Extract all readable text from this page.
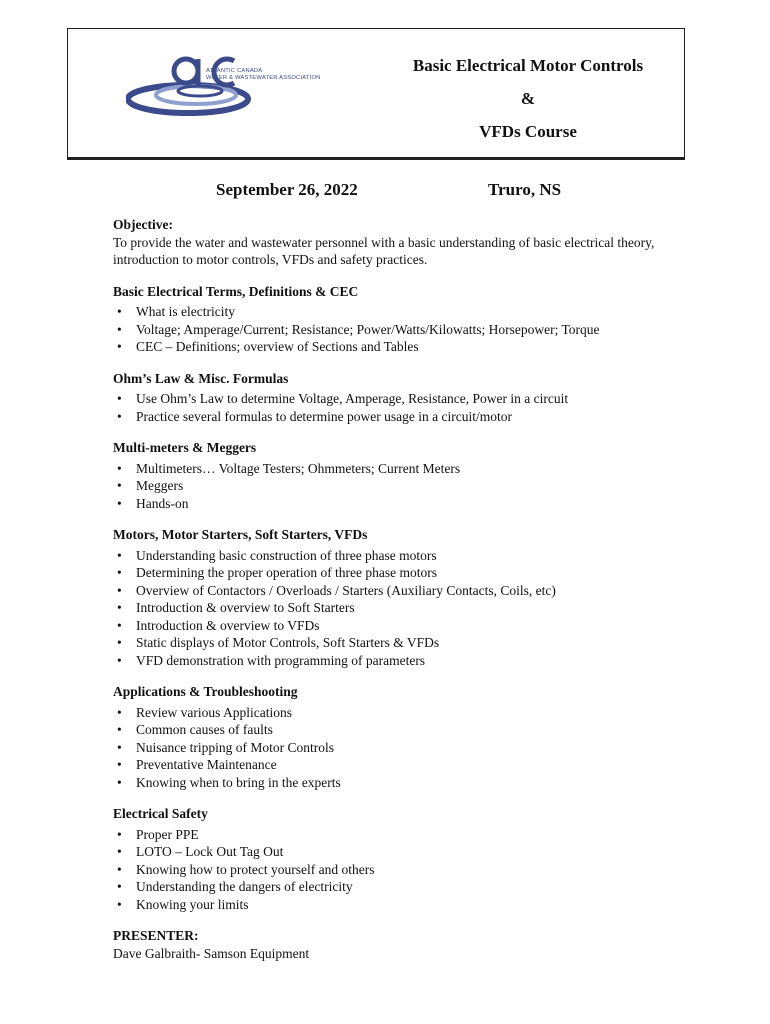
ATLANTIC CANADA
WATER & WASTEWATER ASSOCIATION
Basic Electrical Motor Controls
&
VFDs Course
September 26, 2022	Truro, NS
Objective:

To provide the water and wastewater personnel with a basic understanding of basic electrical theory, introduction to motor controls, VFDs and safety practices.

Basic Electrical Terms, Definitions & CEC
• What is electricity
• Voltage; Amperage/Current; Resistance; Power/Watts/Kilowatts; Horsepower; Torque
• CEC – Definitions; overview of Sections and Tables
Ohm’s Law & Misc. Formulas
• Use Ohm’s Law to determine Voltage, Amperage, Resistance, Power in a circuit
• Practice several formulas to determine power usage in a circuit/motor
Multi-meters & Meggers
• Multimeters… Voltage Testers; Ohmmeters; Current Meters
• Meggers
• Hands-on
Motors, Motor Starters, Soft Starters, VFDs
• Understanding basic construction of three phase motors
• Determining the proper operation of three phase motors
• Overview of Contactors / Overloads / Starters (Auxiliary Contacts, Coils, etc)
• Introduction & overview to Soft Starters
• Introduction & overview to VFDs
• Static displays of Motor Controls, Soft Starters & VFDs
• VFD demonstration with programming of parameters
Applications & Troubleshooting
• Review various Applications
• Common causes of faults
• Nuisance tripping of Motor Controls
• Preventative Maintenance
• Knowing when to bring in the experts
Electrical Safety
• Proper PPE
• LOTO – Lock Out Tag Out
• Knowing how to protect yourself and others
• Understanding the dangers of electricity
• Knowing your limits
PRESENTER:
Dave Galbraith- Samson Equipment
